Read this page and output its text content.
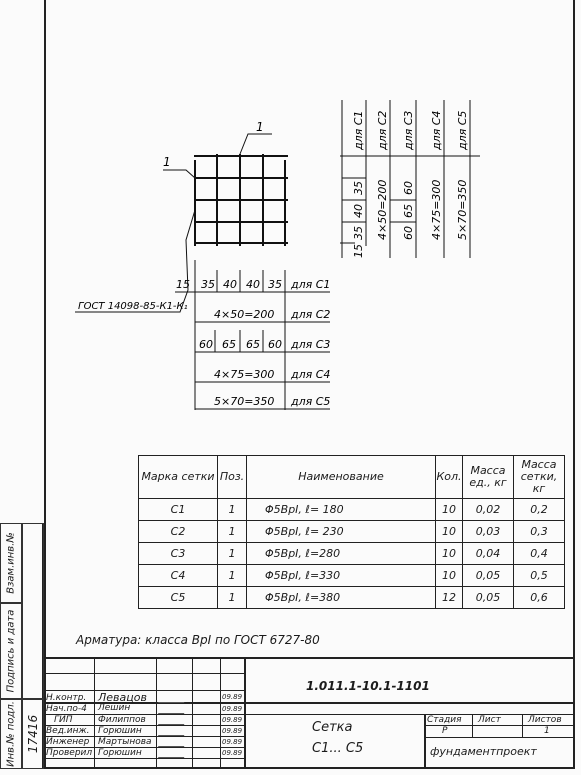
Взам.инв.№
Подпись и дата
Инв.№ подл. 17416
1
1
ГОСТ 14098-85-К1-К₁
15 35 40 40 35 для С1
4×50=200 для С2
60 65 65 60 для С3
4×75=300 для С4
5×70=350 для С5
15
35
40
35
для С1
4×50=200
для С2
60
65
60
для С3
4×75=300
для С4
5×70=350
для С5
Марка сетки	Поз.	Наименование	Кол.	Масса ед., кг	Масса сетки, кг
С1	1	Φ5ВрI, ℓ= 180	10	0,02	0,2
С2	1	Φ5ВрI, ℓ= 230	10	0,03	0,3
С3	1	Φ5ВрI, ℓ=280	10	0,04	0,4
С4	1	Φ5ВрI, ℓ=330	10	0,05	0,5
С5	1	Φ5ВрI, ℓ=380	12	0,05	0,6
Арматура: класса ВрI по ГОСТ 6727-80
1.011.1-10.1-1101
Сетка
С1... С5
Стадия Лист	Листов
Р	1
фундаментпроект
Н.контр. Левацов	09.89
Нач.по-4 Лешин	09.89
ГИП	Филиппов	09.89
Вед.инж. Горюшин	09.89
Инженер Мартынова	09.89
Проверил Горюшин	09.89
